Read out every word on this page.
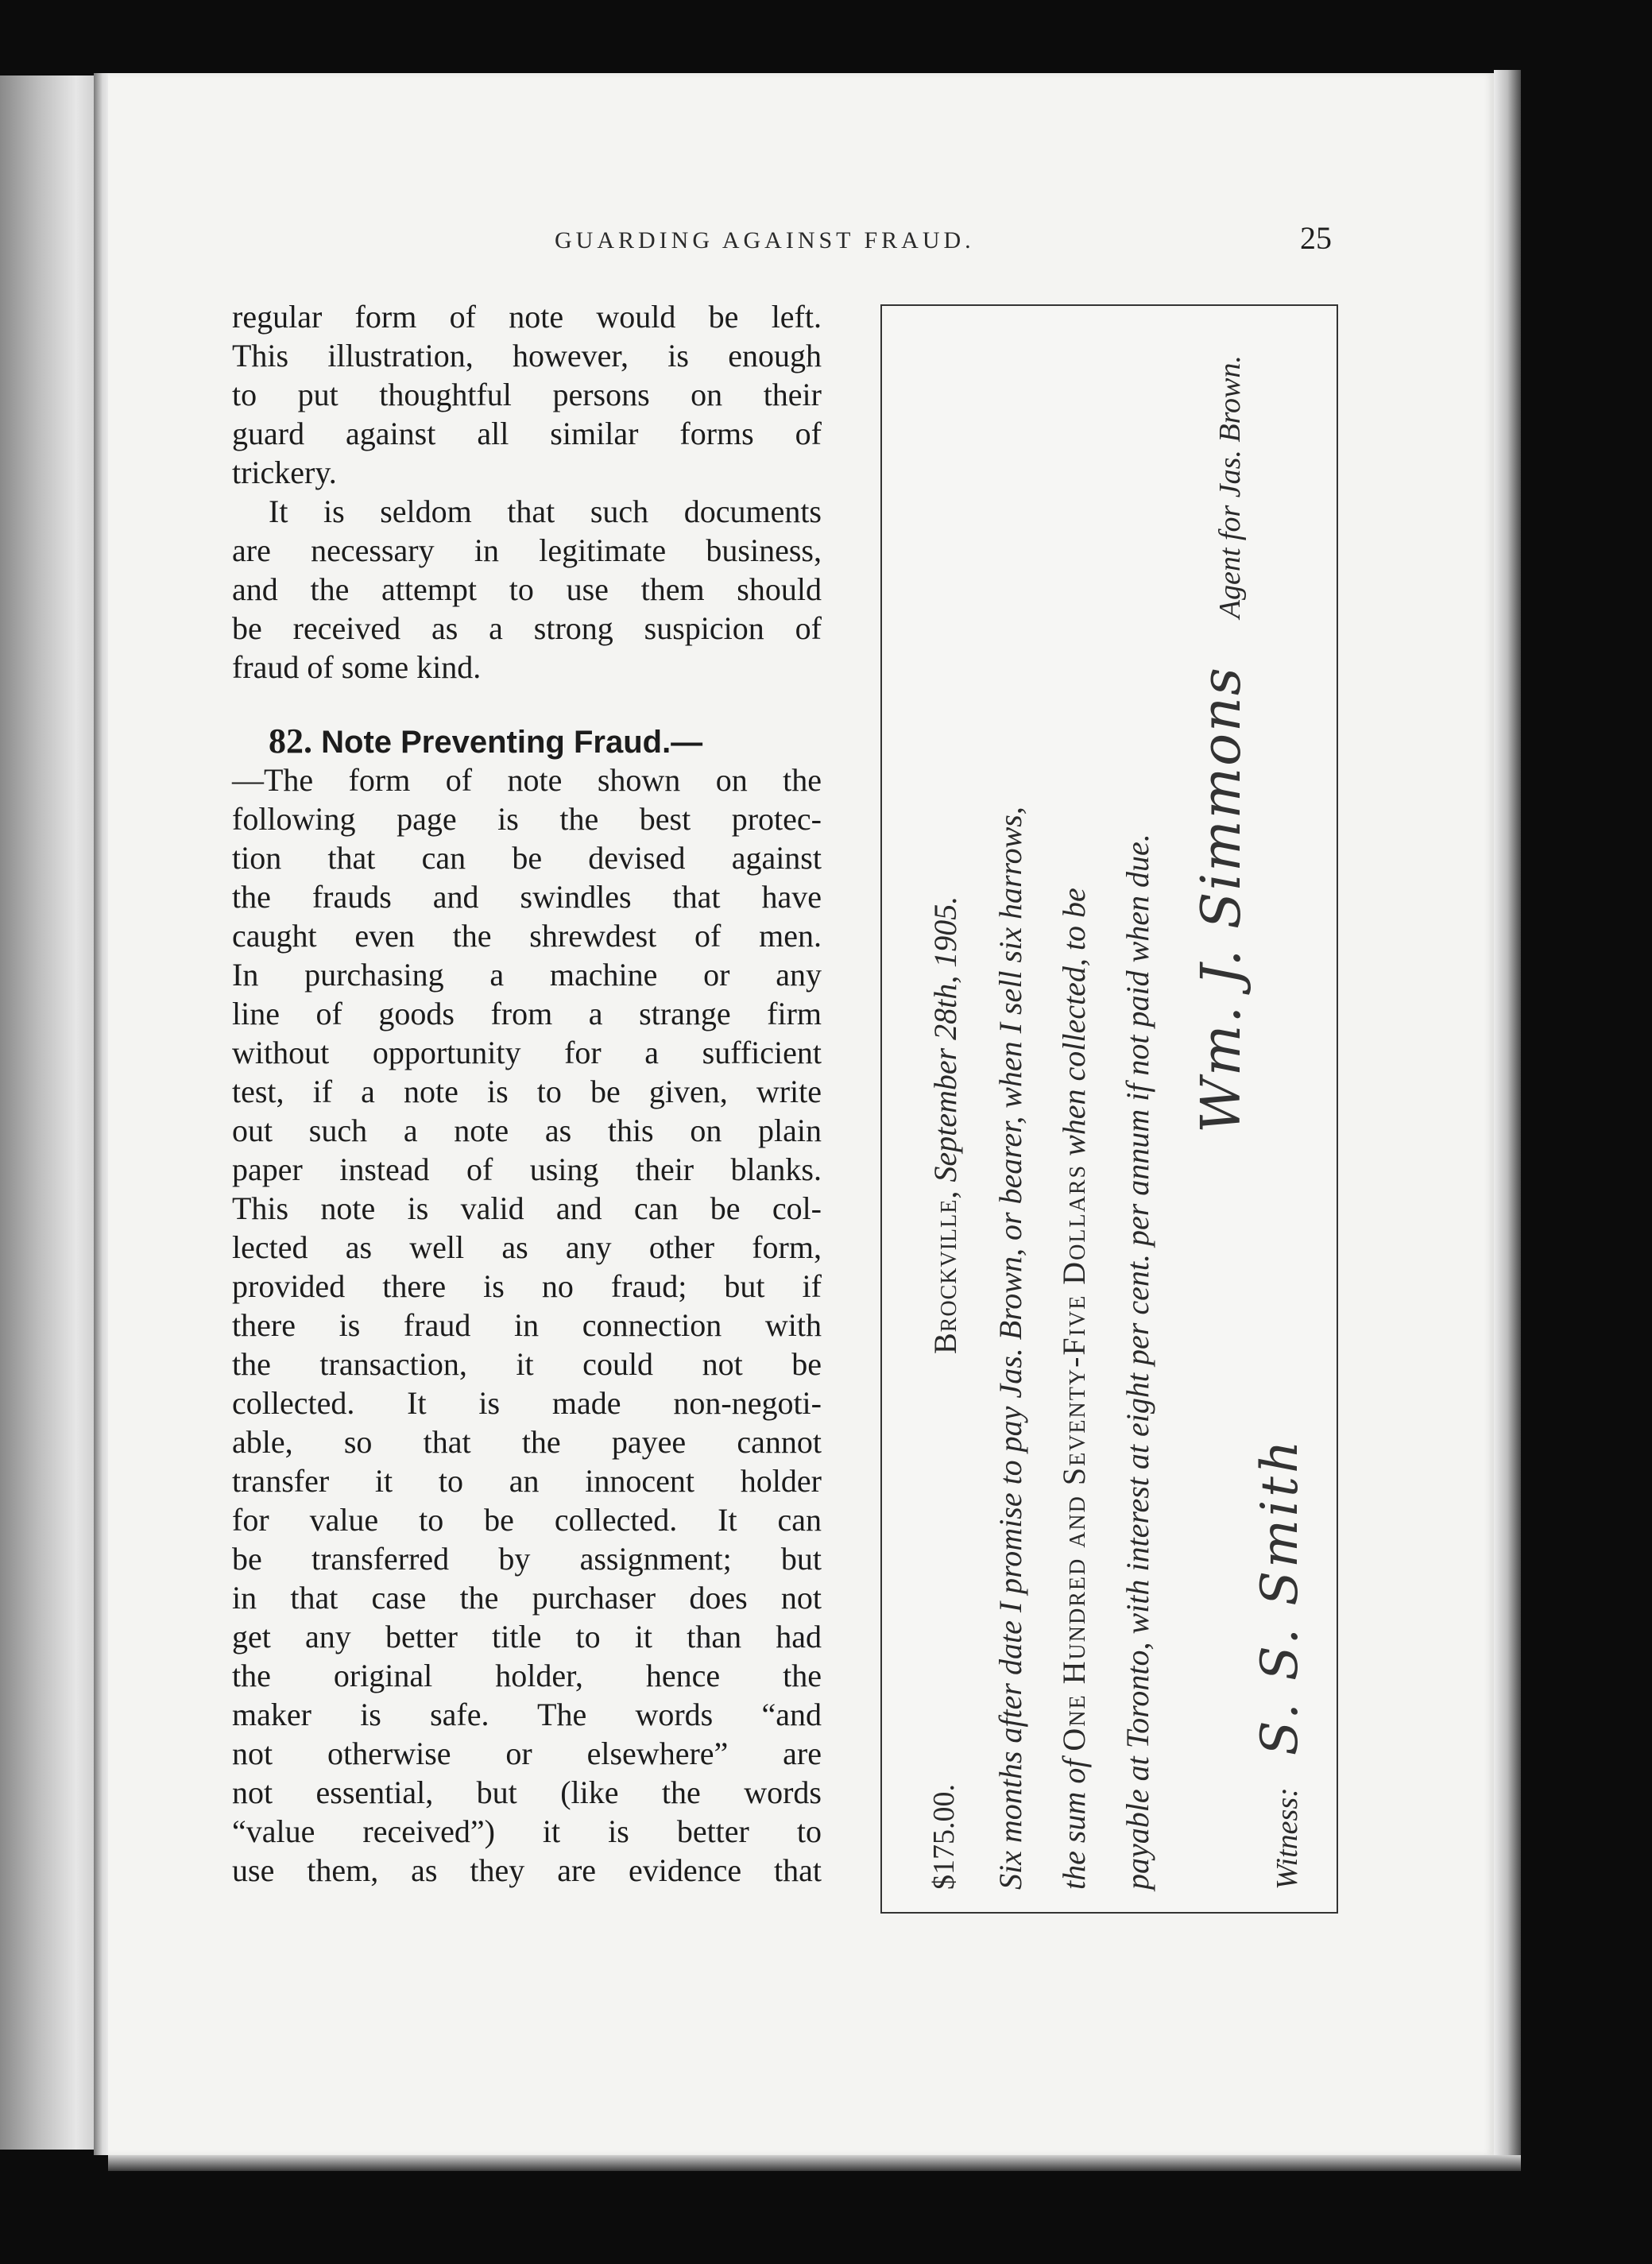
GUARDING AGAINST FRAUD.	25
regular form of note would be left.
This illustration, however, is enough
to put thoughtful persons on their
guard against all similar forms of
trickery.
It is seldom that such documents
are necessary in legitimate business,
and the attempt to use them should
be received as a strong suspicion of
fraud of some kind.
82. Note Preventing Fraud.—
—The form of note shown on the
following page is the best protec-
tion that can be devised against
the frauds and swindles that have
caught even the shrewdest of men.
In purchasing a machine or any
line of goods from a strange firm
without opportunity for a sufficient
test, if a note is to be given, write
out such a note as this on plain
paper instead of using their blanks.
This note is valid and can be col-
lected as well as any other form,
provided there is no fraud; but if
there is fraud in connection with
the transaction, it could not be
collected. It is made non-negoti-
able, so that the payee cannot
transfer it to an innocent holder
for value to be collected. It can
be transferred by assignment; but
in that case the purchaser does not
get any better title to it than had
the original holder, hence the
maker is safe. The words “and
not otherwise or elsewhere” are
not essential, but (like the words
“value received”) it is better to
use them, as they are evidence that	$175.00.
Brockville, September 28th, 1905. Six months after date I promise to pay Jas. Brown, or bearer, when I sell six harrows, the sum of One Hundred and Seventy-Five Dollars when collected, to be payable at Toronto, with interest at eight per cent. per annum if not paid when due. Wm. J. SimmonsAgent for Jas. Brown.
Witness:S. S. Smith
